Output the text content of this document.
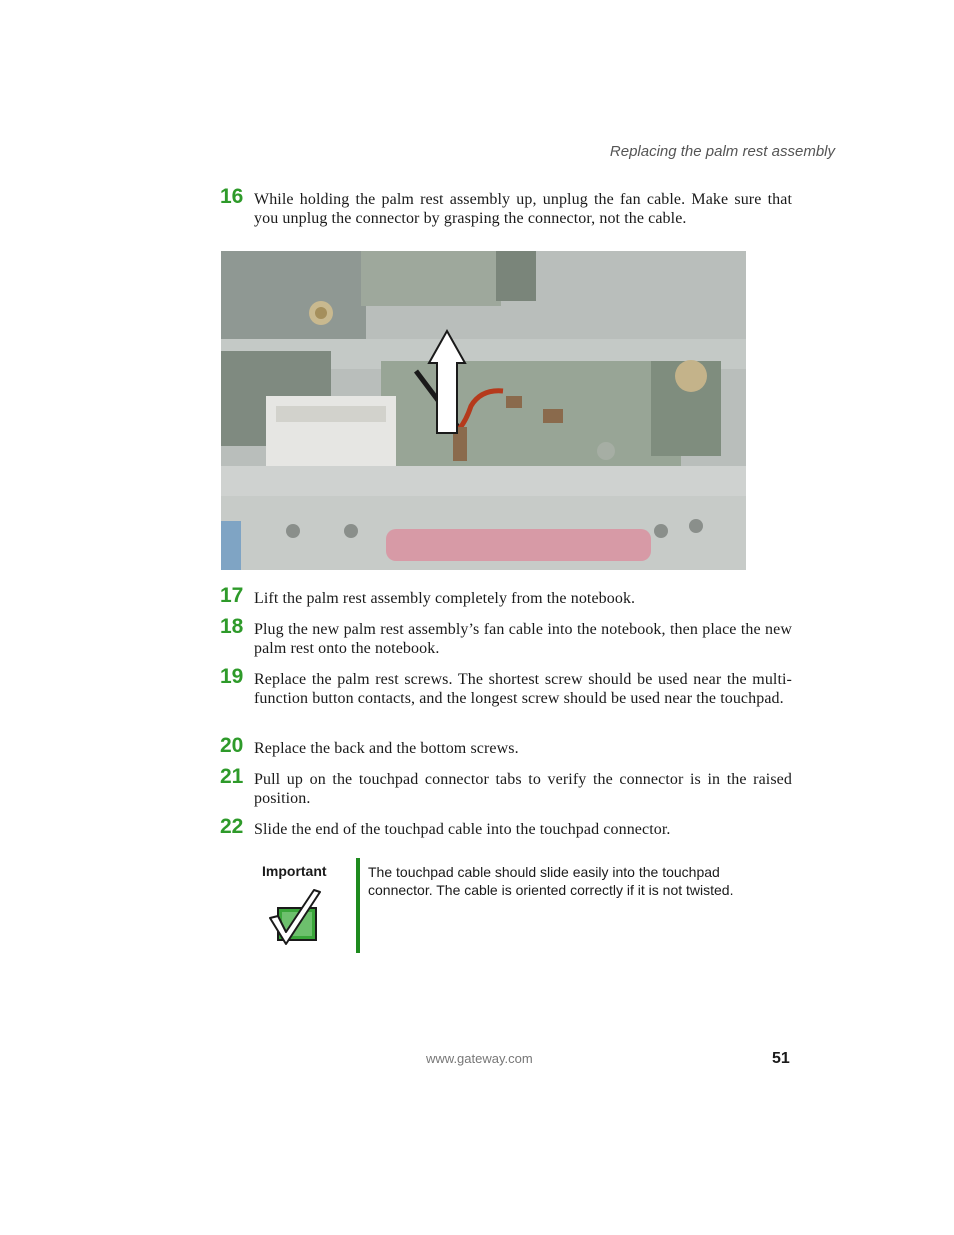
Replacing the palm rest assembly
16 While holding the palm rest assembly up, unplug the fan cable. Make sure that you unplug the connector by grasping the connector, not the cable.
17 Lift the palm rest assembly completely from the notebook.
18 Plug the new palm rest assembly’s fan cable into the notebook, then place the new palm rest onto the notebook.
19 Replace the palm rest screws. The shortest screw should be used near the multi-function button contacts, and the longest screw should be used near the touchpad.
20 Replace the back and the bottom screws.
21 Pull up on the touchpad connector tabs to verify the connector is in the raised position.
22 Slide the end of the touchpad cable into the touchpad connector.
Important	The touchpad cable should slide easily into the touchpad connector. The cable is oriented correctly if it is not twisted.
www.gateway.com	51
